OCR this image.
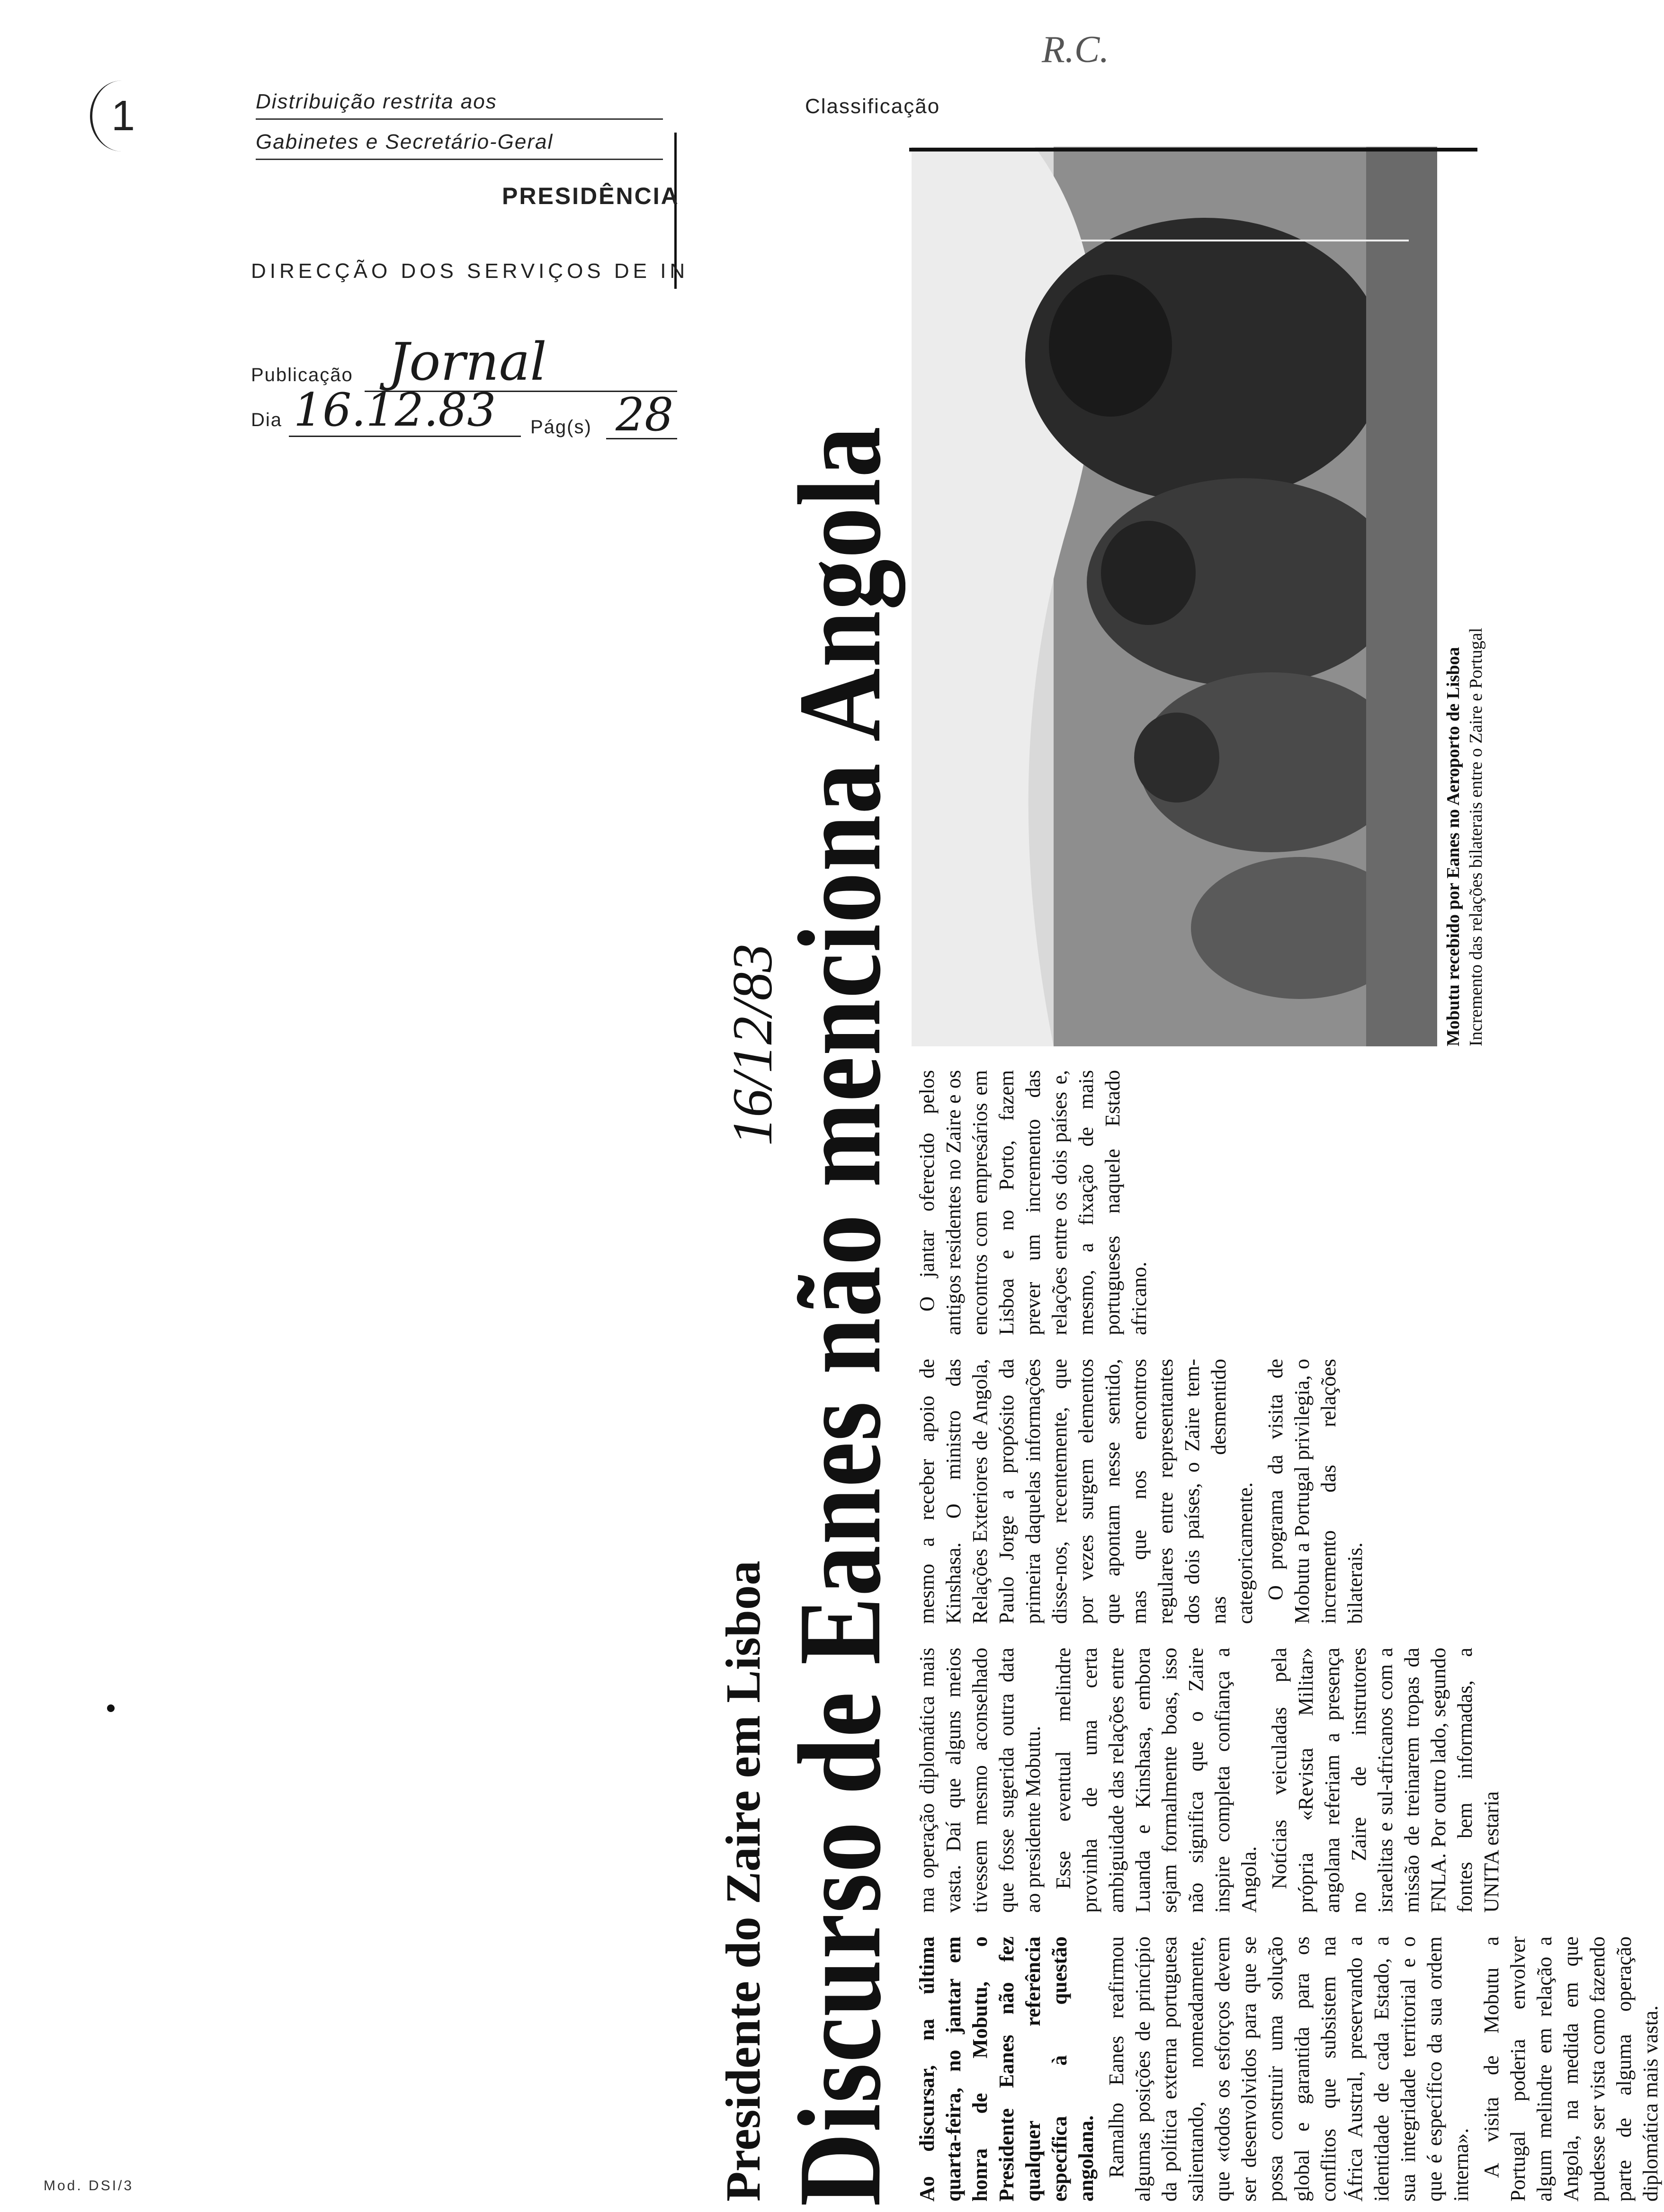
1	Distribuição restrita aos
Gabinetes e Secretário-Geral
PRESIDÊNCIA
DIRECÇÃO DOS SERVIÇOS DE IN
Classificação
Publicação Jornal
Dia 16.12.83 Pág(s) 28
Mod. DSI/3
R.C.
Presidente do Zaire em Lisboa Discurso de Eanes não menciona Angola Ao discursar, na última quarta-feira, no jantar em honra de Mobutu, o Presidente Eanes não fez qualquer referência específica à questão angolana. Ramalho Eanes reafirmou algumas posições de princípio da política externa portuguesa salientando, nomeadamente, que «todos os esforços devem ser desenvolvidos para que se possa construir uma solução global e garantida para os conflitos que subsistem na África Austral, preservando a identidade de cada Estado, a sua integridade territorial e o que é específico da sua ordem interna». A visita de Mobutu a Portugal poderia envolver algum melindre em relação a Angola, na medida em que pudesse ser vista como fazendo parte de alguma operação diplomática mais vasta.

ma operação diplomática mais vasta. Daí que alguns meios tivessem mesmo aconselhado que fosse sugerida outra data ao presidente Mobutu. Esse eventual melindre provinha de uma certa ambiguidade das relações entre Luanda e Kinshasa, embora sejam formalmente boas, isso não significa que o Zaire inspire completa confiança a Angola. Notícias veiculadas pela própria «Revista Militar» angolana referiam a presença no Zaire de instrutores israelitas e sul-africanos com a missão de treinarem tropas da FNLA. Por outro lado, segundo fontes bem informadas, a UNITA estaria

mesmo a receber apoio de Kinshasa. O ministro das Relações Exteriores de Angola, Paulo Jorge a propósito da primeira daquelas informações disse-nos, recentemente, que por vezes surgem elementos que apontam nesse sentido, mas que nos encontros regulares entre representantes dos dois países, o Zaire tem-nas desmentido categoricamente. O programa da visita de Mobutu a Portugal privilegia, o incremento das relações bilaterais.

O jantar oferecido pelos antigos residentes no Zaire e os encontros com empresários em Lisboa e no Porto, fazem prever um incremento das relações entre os dois países e, mesmo, a fixação de mais portugueses naquele Estado africano.

Mobutu recebido por Eanes no Aeroporto de Lisboa Incremento das relações bilaterais entre o Zaire e Portugal
16/12/83
